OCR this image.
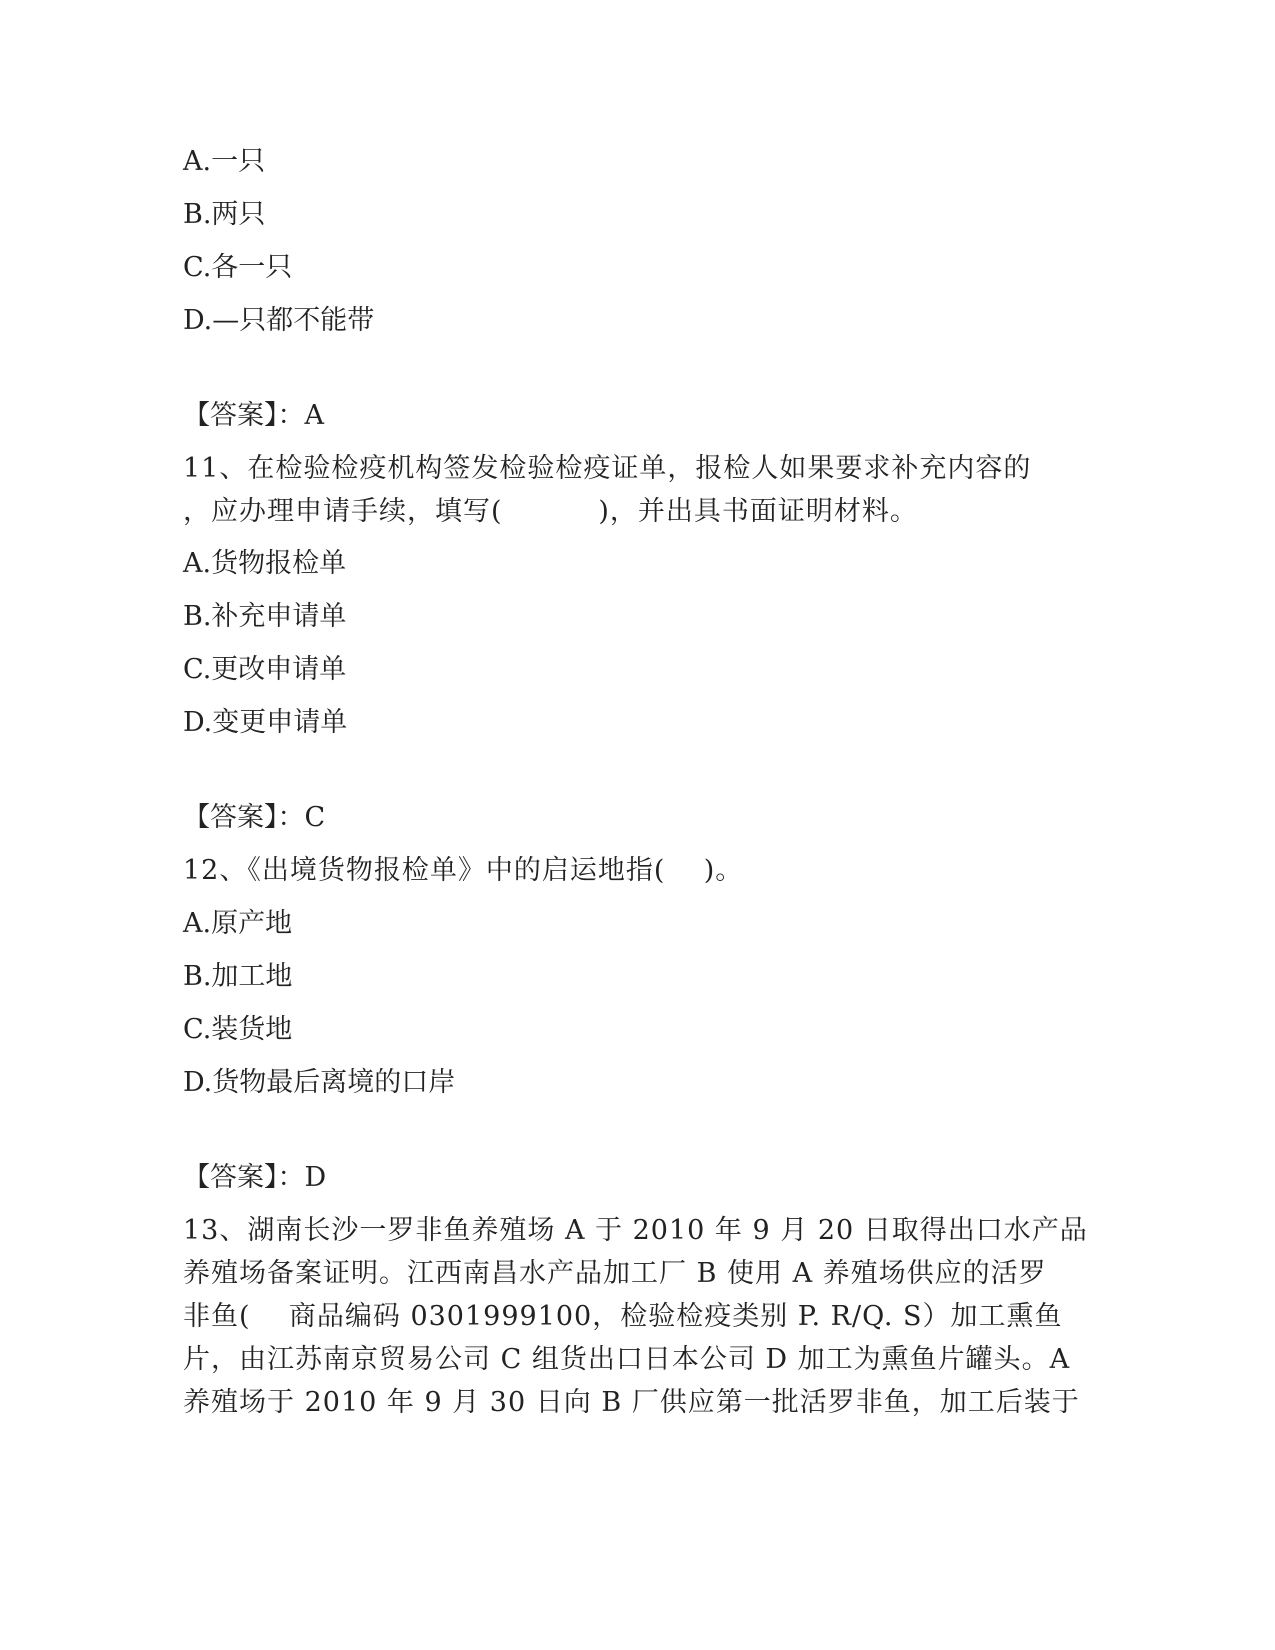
A.一只
B.两只
C.各一只
D.—只都不能带
【答案】：A
11、在检验检疫机构签发检验检疫证单，报检人如果要求补充内容的
，应办理申请手续，填写(          )，并出具书面证明材料。
A.货物报检单
B.补充申请单
C.更改申请单
D.变更申请单
【答案】：C
12、《出境货物报检单》中的启运地指(    )。
A.原产地
B.加工地
C.装货地
D.货物最后离境的口岸
【答案】：D
13、湖南长沙一罗非鱼养殖场 A 于 2010 年 9 月 20 日取得出口水产品
养殖场备案证明。江西南昌水产品加工厂 B 使用 A 养殖场供应的活罗
非鱼(    商品编码 0301999100，检验检疫类别 P. R/Q. S）加工熏鱼
片，由江苏南京贸易公司 C 组货出口日本公司 D 加工为熏鱼片罐头。A
养殖场于 2010 年 9 月 30 日向 B 厂供应第一批活罗非鱼，加工后装于
